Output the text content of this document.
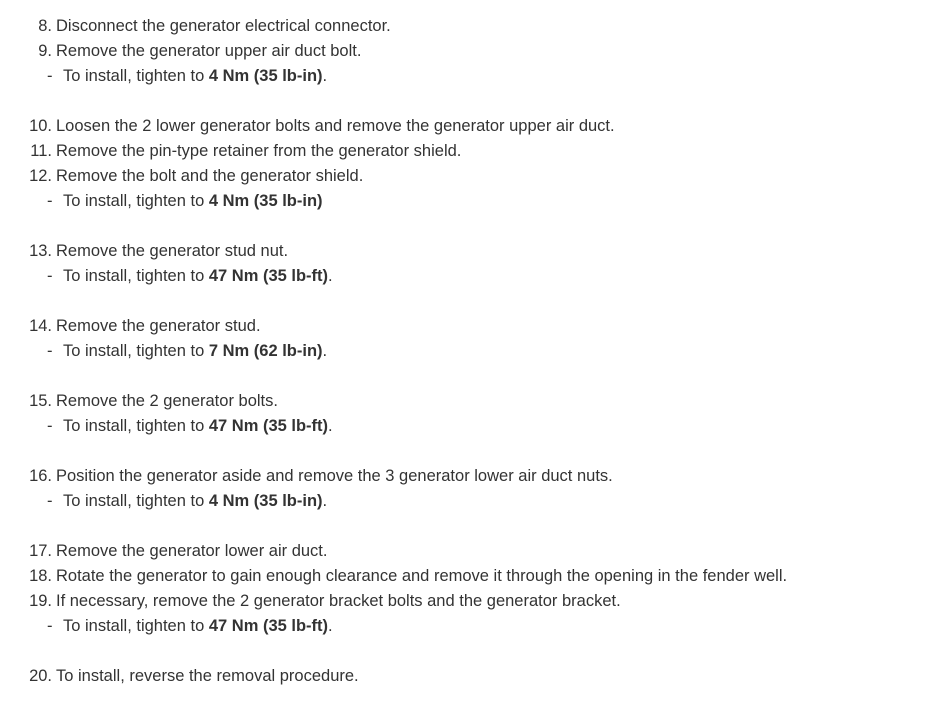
8. Disconnect the generator electrical connector.
9. Remove the generator upper air duct bolt.
- To install, tighten to 4 Nm (35 lb-in).
10. Loosen the 2 lower generator bolts and remove the generator upper air duct.
11. Remove the pin-type retainer from the generator shield.
12. Remove the bolt and the generator shield.
- To install, tighten to 4 Nm (35 lb-in)
13. Remove the generator stud nut.
- To install, tighten to 47 Nm (35 lb-ft).
14. Remove the generator stud.
- To install, tighten to 7 Nm (62 lb-in).
15. Remove the 2 generator bolts.
- To install, tighten to 47 Nm (35 lb-ft).
16. Position the generator aside and remove the 3 generator lower air duct nuts.
- To install, tighten to 4 Nm (35 lb-in).
17. Remove the generator lower air duct.
18. Rotate the generator to gain enough clearance and remove it through the opening in the fender well.
19. If necessary, remove the 2 generator bracket bolts and the generator bracket.
- To install, tighten to 47 Nm (35 lb-ft).
20. To install, reverse the removal procedure.
